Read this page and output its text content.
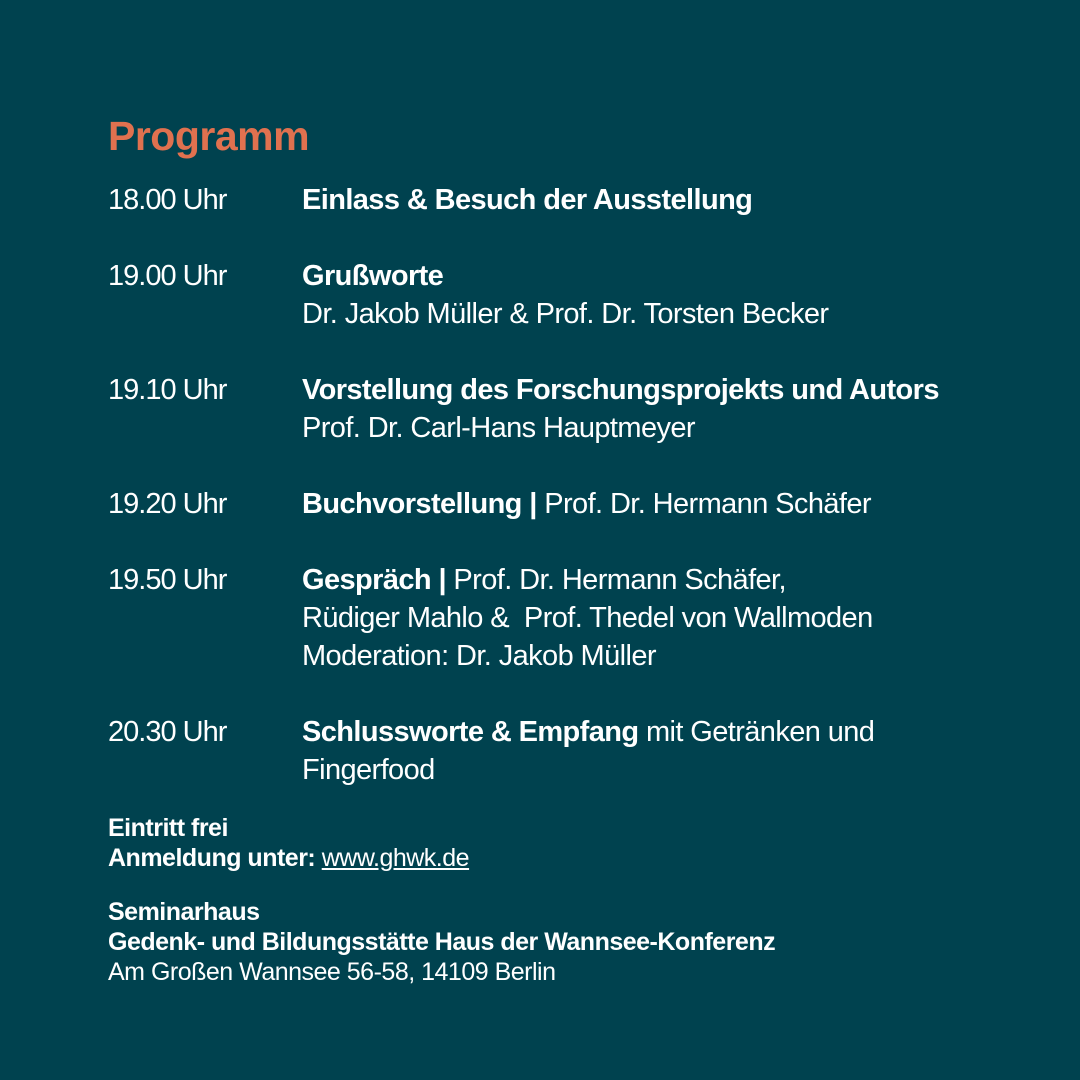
Programm
18.00 Uhr	Einlass & Besuch der Ausstellung
19.00 Uhr	Grußworte
Dr. Jakob Müller & Prof. Dr. Torsten Becker
19.10 Uhr	Vorstellung des Forschungsprojekts und Autors
Prof. Dr. Carl-Hans Hauptmeyer
19.20 Uhr	Buchvorstellung | Prof. Dr. Hermann Schäfer
19.50 Uhr	Gespräch | Prof. Dr. Hermann Schäfer,
Rüdiger Mahlo &  Prof. Thedel von Wallmoden
Moderation: Dr. Jakob Müller
20.30 Uhr	Schlussworte & Empfang mit Getränken und
Fingerfood
Eintritt frei
Anmeldung unter: www.ghwk.de
Seminarhaus
Gedenk- und Bildungsstätte Haus der Wannsee-Konferenz
Am Großen Wannsee 56-58, 14109 Berlin
